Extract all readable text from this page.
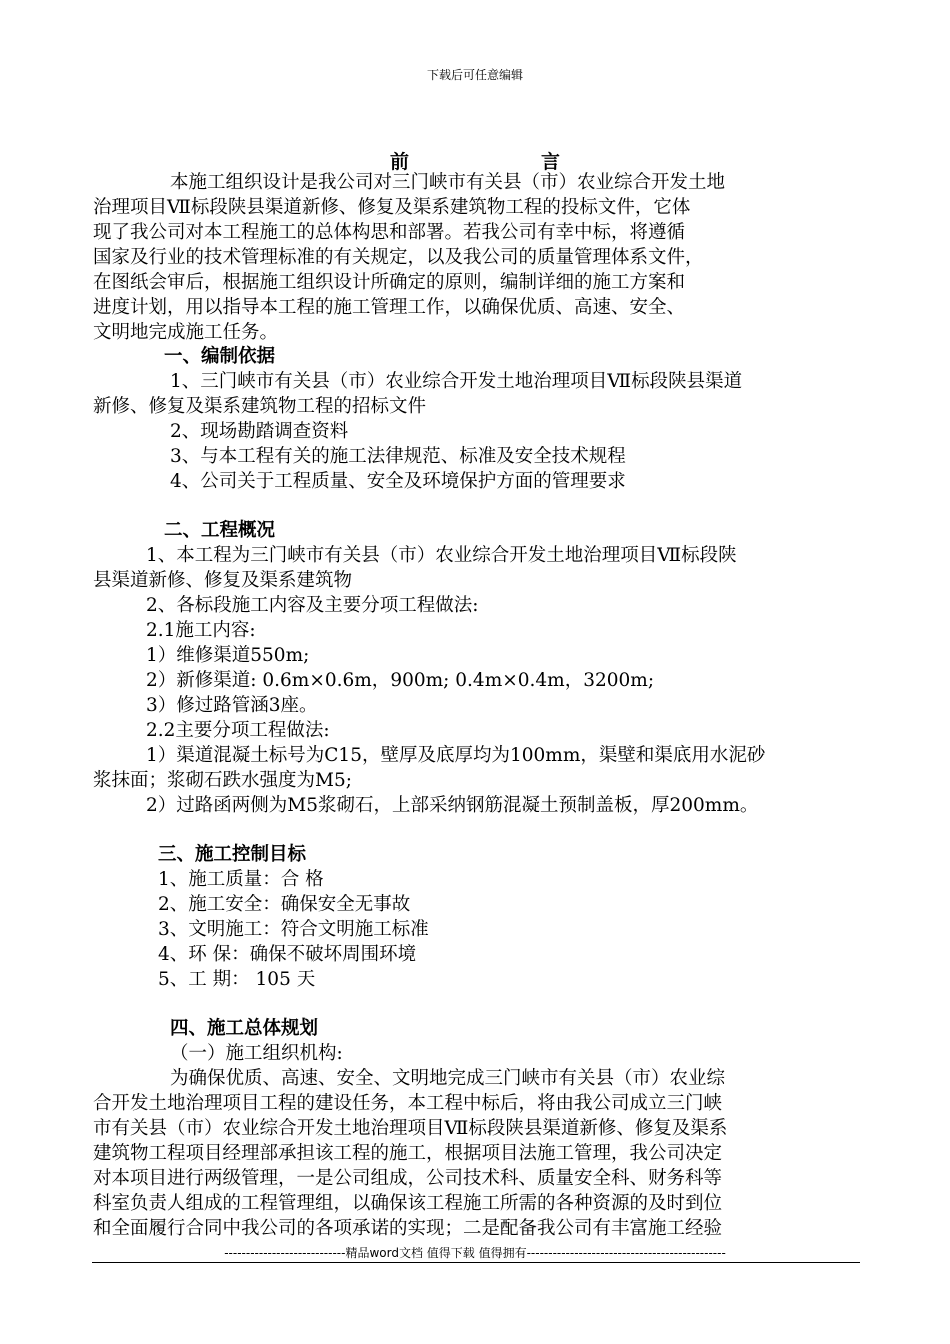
下载后可任意编辑
前	言
本施工组织设计是我公司对三门峡市有关县（市）农业综合开发土地
治理项目Ⅶ标段陕县渠道新修、修复及渠系建筑物工程的投标文件，它体
现了我公司对本工程施工的总体构思和部署。若我公司有幸中标，将遵循
国家及行业的技术管理标准的有关规定，以及我公司的质量管理体系文件，
在图纸会审后，根据施工组织设计所确定的原则，编制详细的施工方案和
进度计划，用以指导本工程的施工管理工作，以确保优质、高速、安全、
文明地完成施工任务。
一、编制依据
1、三门峡市有关县（市）农业综合开发土地治理项目Ⅶ标段陕县渠道
新修、修复及渠系建筑物工程的招标文件
2、现场勘踏调查资料
3、与本工程有关的施工法律规范、标准及安全技术规程
4、公司关于工程质量、安全及环境保护方面的管理要求
二、工程概况
1、本工程为三门峡市有关县（市）农业综合开发土地治理项目Ⅶ标段陕
县渠道新修、修复及渠系建筑物
2、各标段施工内容及主要分项工程做法:
2.1施工内容:
1）维修渠道550m;
2）新修渠道: 0.6m×0.6m，900m; 0.4m×0.4m，3200m;
3）修过路管涵3座。
2.2主要分项工程做法:
1）渠道混凝土标号为C15，壁厚及底厚均为100mm，渠壁和渠底用水泥砂
浆抹面；浆砌石跌水强度为M5;
2）过路函两侧为M5浆砌石，上部采纳钢筋混凝土预制盖板，厚200mm。
三、施工控制目标
1、施工质量：合 格
2、施工安全：确保安全无事故
3、文明施工：符合文明施工标准
4、环 保：确保不破坏周围环境
5、工 期： 105 天
四、施工总体规划
（一）施工组织机构:
为确保优质、高速、安全、文明地完成三门峡市有关县（市）农业综
合开发土地治理项目工程的建设任务，本工程中标后，将由我公司成立三门峡
市有关县（市）农业综合开发土地治理项目Ⅶ标段陕县渠道新修、修复及渠系
建筑物工程项目经理部承担该工程的施工，根据项目法施工管理，我公司决定
对本项目进行两级管理，一是公司组成，公司技术科、质量安全科、财务科等
科室负责人组成的工程管理组，以确保该工程施工所需的各种资源的及时到位
和全面履行合同中我公司的各项承诺的实现；二是配备我公司有丰富施工经验
----------------------------精品word文档 值得下载 值得拥有----------------------------------------------
